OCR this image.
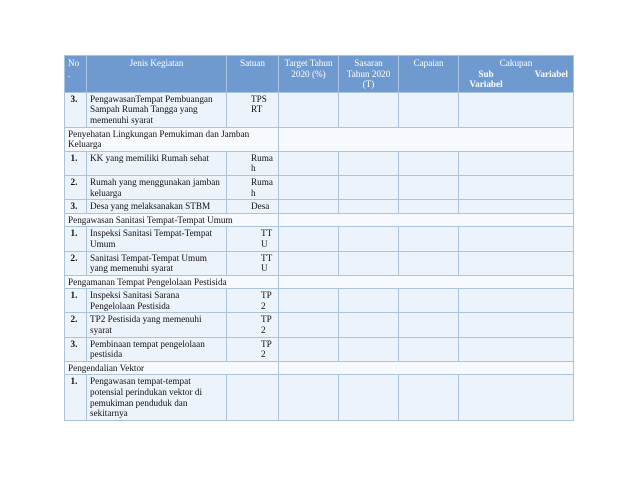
No .	Jenis Kegiatan	Satuan	Target Tahun 2020 (%)	Sasaran Tahun 2020 (T)	Capaian	Cakupan
Sub Variabel
Variabel

3.	PengawasanTempat Pembuangan Sampah Rumah Tangga yang memenuhi syarat	TPS RT				
Penyehatan Lingkungan Pemukiman dan Jamban Keluarga						
1.	KK yang memiliki Rumah sehat	Rumah				
2.	Rumah yang menggunakan jamban keluarga	Rumah				
3.	Desa yang melaksanakan STBM	Desa				
Pengawasan Sanitasi Tempat-Tempat Umum						
1.	Inspeksi Sanitasi Tempat-Tempat Umum	TTU				
2.	Sanitasi Tempat-Tempat Umum yang memenuhi syarat	TTU				
Pengamanan Tempat Pengelolaan Pestisida						
1.	Inspeksi Sanitasi Sarana Pengelolaan Pestisida	TP2				
2.	TP2 Pestisida yang memenuhi syarat	TP2				
3.	Pembinaan tempat pengelolaan pestisida	TP2				
Pengendalian Vektor						
1.	Pengawasan tempat-tempat potensial perindukan vektor di pemukiman penduduk dan sekitarnya					
